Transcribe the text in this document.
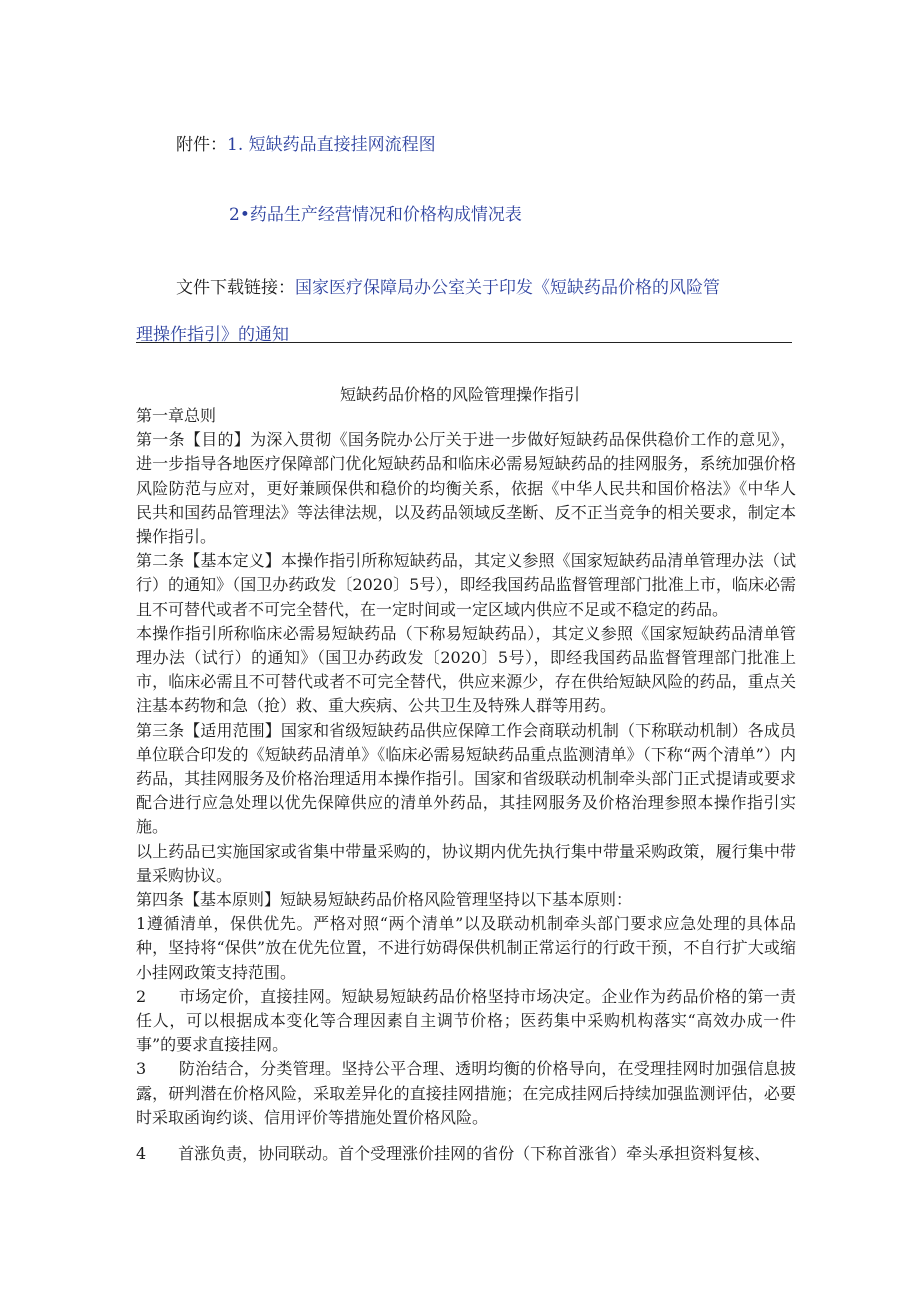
附件：1. 短缺药品直接挂网流程图
2•药品生产经营情况和价格构成情况表
文件下载链接：国家医疗保障局办公室关于印发《短缺药品价格的风险管
理操作指引》的通知
短缺药品价格的风险管理操作指引

第一章总则

第一条【目的】为深入贯彻《国务院办公厅关于进一步做好短缺药品保供稳价工作的意见》，进一步指导各地医疗保障部门优化短缺药品和临床必需易短缺药品的挂网服务，系统加强价格风险防范与应对，更好兼顾保供和稳价的均衡关系，依据《中华人民共和国价格法》《中华人民共和国药品管理法》等法律法规，以及药品领域反垄断、反不正当竞争的相关要求，制定本操作指引。

第二条【基本定义】本操作指引所称短缺药品，其定义参照《国家短缺药品清单管理办法（试行）的通知》（国卫办药政发〔2020〕5号），即经我国药品监督管理部门批准上市，临床必需且不可替代或者不可完全替代，在一定时间或一定区域内供应不足或不稳定的药品。

本操作指引所称临床必需易短缺药品（下称易短缺药品），其定义参照《国家短缺药品清单管理办法（试行）的通知》（国卫办药政发〔2020〕5号），即经我国药品监督管理部门批准上市，临床必需且不可替代或者不可完全替代，供应来源少，存在供给短缺风险的药品，重点关注基本药物和急（抢）救、重大疾病、公共卫生及特殊人群等用药。

第三条【适用范围】国家和省级短缺药品供应保障工作会商联动机制（下称联动机制）各成员单位联合印发的《短缺药品清单》《临床必需易短缺药品重点监测清单》（下称“两个清单”）内药品，其挂网服务及价格治理适用本操作指引。国家和省级联动机制牵头部门正式提请或要求配合进行应急处理以优先保障供应的清单外药品，其挂网服务及价格治理参照本操作指引实施。

以上药品已实施国家或省集中带量采购的，协议期内优先执行集中带量采购政策，履行集中带量采购协议。

第四条【基本原则】短缺易短缺药品价格风险管理坚持以下基本原则：

1遵循清单，保供优先。严格对照“两个清单”以及联动机制牵头部门要求应急处理的具体品种，坚持将“保供”放在优先位置，不进行妨碍保供机制正常运行的行政干预，不自行扩大或缩小挂网政策支持范围。

2　　市场定价，直接挂网。短缺易短缺药品价格坚持市场决定。企业作为药品价格的第一责任人，可以根据成本变化等合理因素自主调节价格；医药集中采购机构落实“高效办成一件事”的要求直接挂网。

3　　防治结合，分类管理。坚持公平合理、透明均衡的价格导向，在受理挂网时加强信息披露，研判潜在价格风险，采取差异化的直接挂网措施；在完成挂网后持续加强监测评估，必要时采取函询约谈、信用评价等措施处置价格风险。

4　　首涨负责，协同联动。首个受理涨价挂网的省份（下称首涨省）牵头承担资料复核、
